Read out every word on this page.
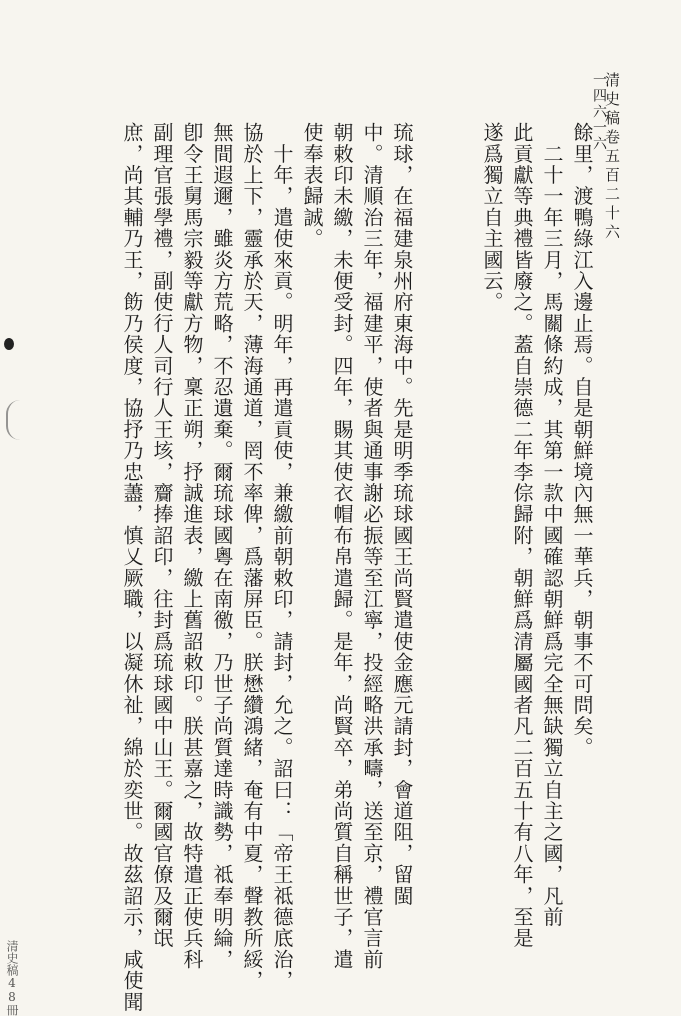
清史稿卷五百二十六
一四六一六
餘里，渡鴨綠江入邊止焉。自是朝鮮境內無一華兵，朝事不可問矣。
　二十一年三月，馬關條約成，其第一款中國確認朝鮮爲完全無缺獨立自主之國，凡前
此貢獻等典禮皆廢之。蓋自崇德二年李倧歸附，朝鮮爲清屬國者凡二百五十有八年，至是
遂爲獨立自主國云。
琉球，在福建泉州府東海中。先是明季琉球國王尚賢遣使金應元請封，會道阻，留閩
中。清順治三年，福建平，使者與通事謝必振等至江寧，投經略洪承疇，送至京，禮官言前
朝敕印未繳，未便受封。四年，賜其使衣帽布帛遣歸。是年，尚賢卒，弟尚質自稱世子，遣
使奉表歸誠。
　十年，遣使來貢。明年，再遣貢使，兼繳前朝敕印，請封，允之。詔曰：「帝王祗德底治，
協於上下，靈承於天，薄海通道，罔不率俾，爲藩屏臣。朕懋纘鴻緒，奄有中夏，聲教所綏，
無間遐邇，雖炎方荒略，不忍遺棄。爾琉球國粵在南徼，乃世子尚質達時識勢，祗奉明綸，
卽令王舅馬宗毅等獻方物，稟正朔，抒誠進表，繳上舊詔敕印。朕甚嘉之，故特遣正使兵科
副理官張學禮，副使行人司行人王垓，齎捧詔印，往封爲琉球國中山王。爾國官僚及爾氓
庶，尚其輔乃王，飭乃侯度，協抒乃忠藎，慎乂厥職，以凝休祉，綿於奕世。故茲詔示，咸使聞
清史稿48冊
